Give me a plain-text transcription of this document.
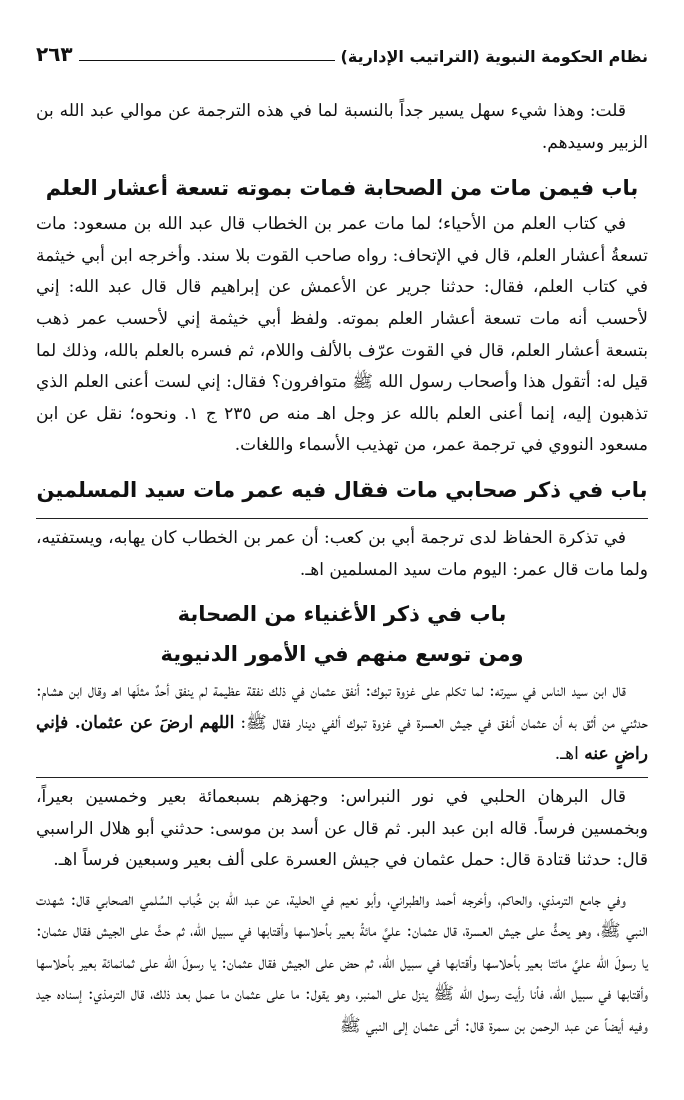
نظام الحكومة النبوية (التراتيب الإدارية)
٢٦٣

قلت: وهذا شيء سهل يسير جداً بالنسبة لما في هذه الترجمة عن موالي عبد الله بن الزبير وسيدهم.

باب فيمن مات من الصحابة فمات بموته تسعة أعشار العلم

في كتاب العلم من الأحياء؛ لما مات عمر بن الخطاب قال عبد الله بن مسعود: مات تسعةُ أعشار العلم، قال في الإتحاف: رواه صاحب القوت بلا سند. وأخرجه ابن أبي خيثمة في كتاب العلم، فقال: حدثنا جرير عن الأعمش عن إبراهيم قال قال عبد الله: إني لأحسب أنه مات تسعة أعشار العلم بموته. ولفظ أبي خيثمة إني لأحسب عمر ذهب بتسعة أعشار العلم، قال في القوت عرّف بالألف واللام، ثم فسره بالعلم بالله، وذلك لما قيل له: أتقول هذا وأصحاب رسول الله ﷺ متوافرون؟ فقال: إني لست أعنى العلم الذي تذهبون إليه، إنما أعنى العلم بالله عز وجل اهـ منه ص ٢٣٥ ج ١. ونحوه؛ نقل عن ابن مسعود النووي في ترجمة عمر، من تهذيب الأسماء واللغات.

باب في ذكر صحابي مات فقال فيه عمر مات سيد المسلمين

في تذكرة الحفاظ لدى ترجمة أبي بن كعب: أن عمر بن الخطاب كان يهابه، ويستفتيه، ولما مات قال عمر: اليوم مات سيد المسلمين اهـ.

باب في ذكر الأغنياء من الصحابة
ومن توسع منهم في الأمور الدنيوية

قال ابن سيد الناس في سيرته: لما تكلم على غزوة تبوك: أنفق عثمان في ذلك نفقة عظيمة لم ينفق أحدٌ مثلَها اهـ وقال ابن هشام: حدثني من أثق به أن عثمان أنفق في جيش العسرة في غزوة تبوك ألفي دينار فقال ﷺ: اللهم ارضَ عن عثمان. فإني راضٍ عنه اهـ.

قال البرهان الحلبي في نور النبراس: وجهزهم بسبعمائة بعير وخمسين بعيراً، وبخمسين فرساً. قاله ابن عبد البر. ثم قال عن أسد بن موسى: حدثني أبو هلال الراسبي قال: حدثنا قتادة قال: حمل عثمان في جيش العسرة على ألف بعير وسبعين فرساً اهـ.

وفي جامع الترمذي، والحاكم، وأخرجه أحمد والطبراني، وأبو نعيم في الحلية، عن عبد الله بن خُباب السُلمي الصحابي قال: شهدت النبي ﷺ، وهو يحثُّ على جيش العسرة، قال عثمان: عليَّ مائةُ بعير بأحلاسها وأقتابها في سبيل الله، ثم حثَّ على الجيش فقال عثمان: يا رسولَ الله عليَّ مائتا بعير بأحلاسها وأقتابها في سبيل الله، ثم حض على الجيش فقال عثمان: يا رسولَ الله على ثمانمائة بعير بأحلاسها وأقتابها في سبيل الله، فأنا رأيت رسول الله ﷺ ينزل على المنبر، وهو يقول: ما على عثمان ما عمل بعد ذلك، قال الترمذي: إسناده جيد وفيه أيضاً عن عبد الرحمن بن سمرة قال: أتى عثمان إلى النبي ﷺ
